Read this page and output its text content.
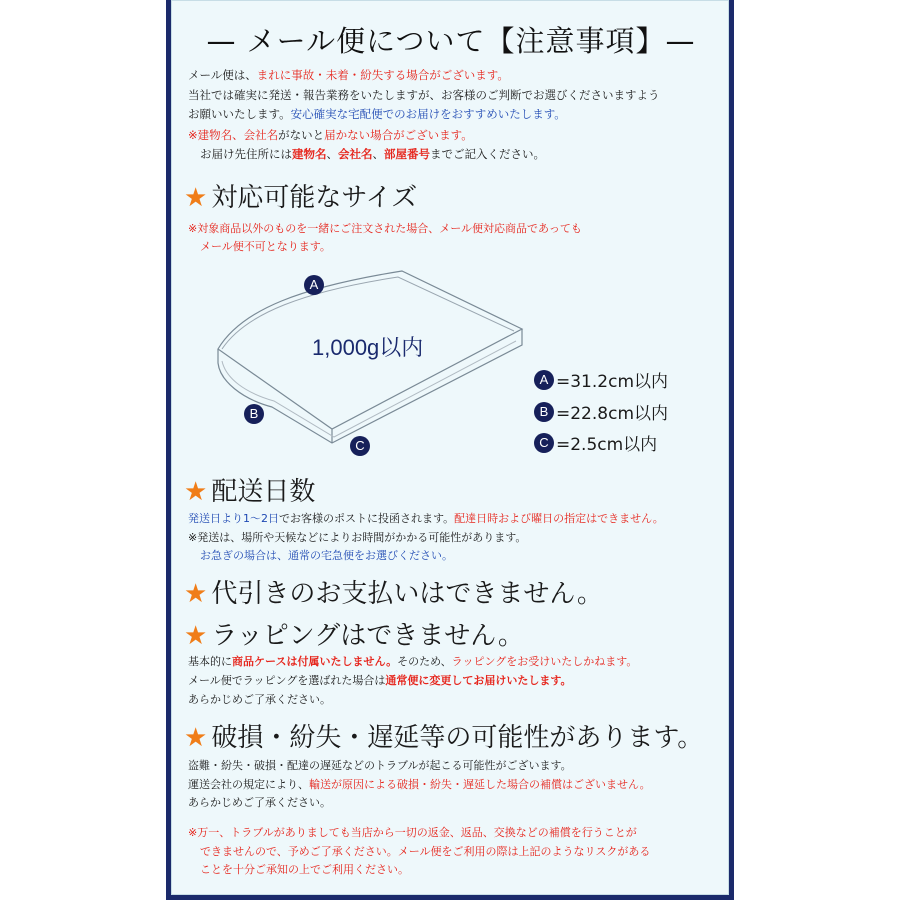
— メール便について【注意事項】—
メール便は、まれに事故・未着・紛失する場合がございます。
当社では確実に発送・報告業務をいたしますが、お客様のご判断でお選びくださいますよう
お願いいたします。安心確実な宅配便でのお届けをおすすめいたします。
※建物名、会社名がないと届かない場合がございます。
お届け先住所には建物名、会社名、部屋番号までご記入ください。
★ 対応可能なサイズ
※対象商品以外のものを一緒にご注文された場合、メール便対応商品であっても
メール便不可となります。
A
B
C
1,000g以内
A =31.2cm以内
B =22.8cm以内
C =2.5cm以内
★ 配送日数
発送日より1〜2日でお客様のポストに投函されます。配達日時および曜日の指定はできません。
※発送は、場所や天候などによりお時間がかかる可能性があります。
お急ぎの場合は、通常の宅急便をお選びください。
★ 代引きのお支払いはできません。
★ ラッピングはできません。
基本的に商品ケースは付属いたしません。そのため、ラッピングをお受けいたしかねます。
メール便でラッピングを選ばれた場合は通常便に変更してお届けいたします。
あらかじめご了承ください。
★ 破損・紛失・遅延等の可能性があります。
盗難・紛失・破損・配達の遅延などのトラブルが起こる可能性がございます。
運送会社の規定により、輸送が原因による破損・紛失・遅延した場合の補償はございません。
あらかじめご了承ください。
※万一、トラブルがありましても当店から一切の返金、返品、交換などの補償を行うことが
できませんので、予めご了承ください。メール便をご利用の際は上記のようなリスクがある
ことを十分ご承知の上でご利用ください。
